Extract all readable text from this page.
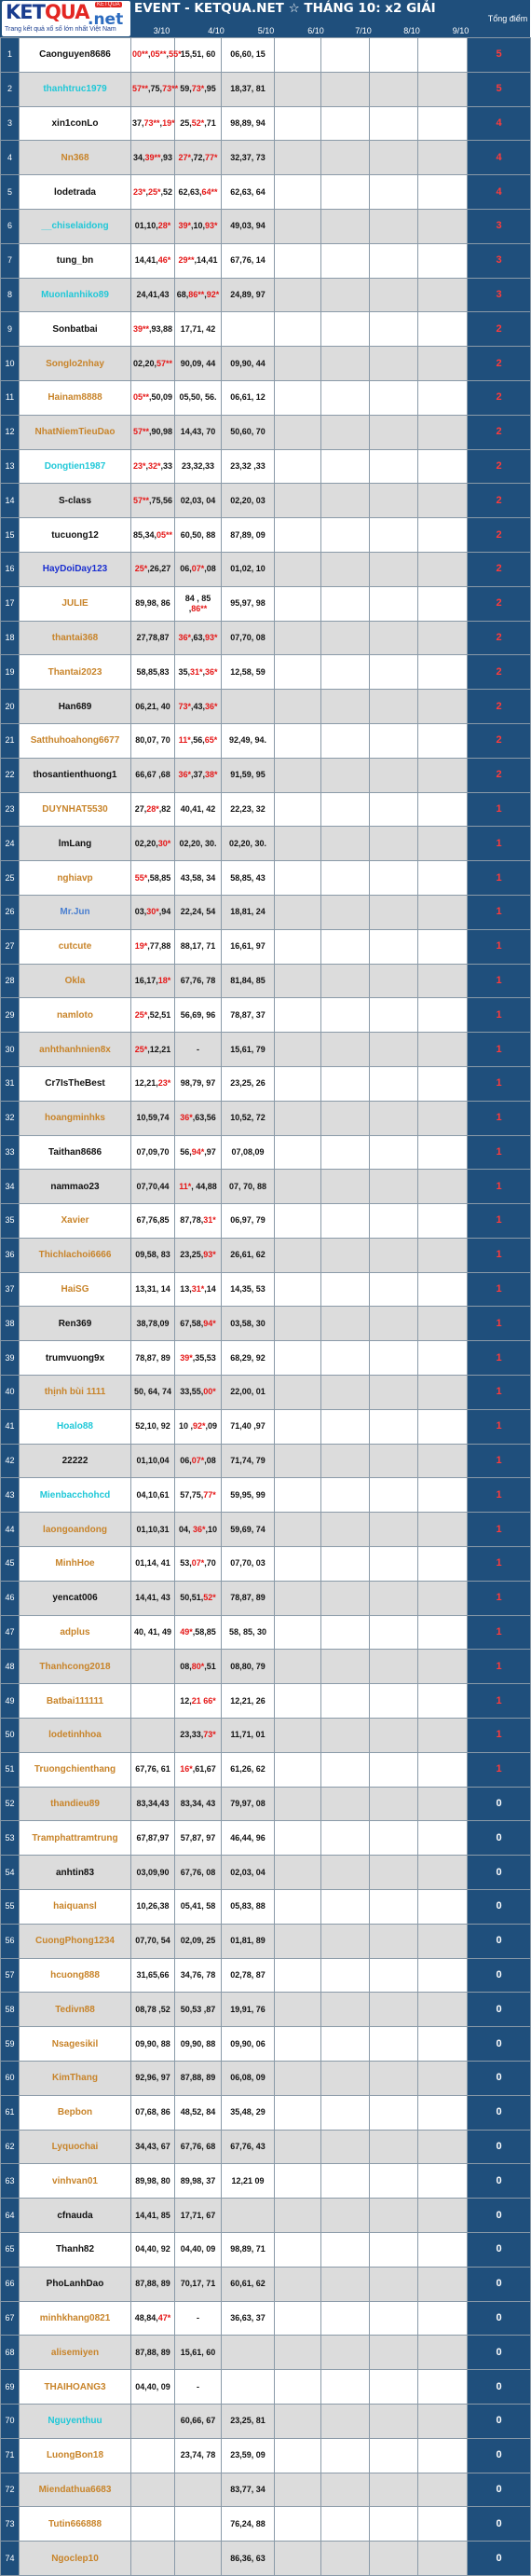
KETQUA
.net
KETQUA
Trang kết quả xổ số lớn nhất Việt Nam
EVENT - KETQUA.NET ☆ THÁNG 10: x2 GIẢI
3/10	4/10	5/10	6/10	7/10	8/10	9/10
Tổng điểm
1	Caonguyen8686	00**,05**,55*	15,51, 60	06,60, 15					5
2	thanhtruc1979	57**,75,73**	59,73*,95	18,37, 81					5
3	xin1conLo	37,73**,19*	25,52*,71	98,89, 94					4
4	Nn368	34,39**,93	27*,72,77*	32,37, 73					4
5	lodetrada	23*,25*,52	62,63,64**	62,63, 64					4
6	__chiselaidong	01,10,28*	39*,10,93*	49,03, 94					3
7	tung_bn	14,41,46*	29**,14,41	67,76, 14					3
8	Muonlanhiko89	24,41,43	68,86**,92*	24,89, 97					3
9	Sonbatbai	39**,93,88	17,71, 42						2
10	Songlo2nhay	02,20,57**	90,09, 44	09,90, 44					2
11	Hainam8888	05**,50,09	05,50, 56.	06,61, 12					2
12	NhatNiemTieuDao	57**,90,98	14,43, 70	50,60, 70					2
13	Dongtien1987	23*,32*,33	23,32,33	23,32 ,33					2
14	S-class	57**,75,56	02,03, 04	02,20, 03					2
15	tucuong12	85,34,05**	60,50, 88	87,89, 09					2
16	HayDoiDay123	25*,26,27	06,07*,08	01,02, 10					2
17	JULIE	89,98, 86	84 , 85 ,86**	95,97, 98					2
18	thantai368	27,78,87	36*,63,93*	07,70, 08					2
19	Thantai2023	58,85,83	35,31*,36*	12,58, 59					2
20	Han689	06,21, 40	73*,43,36*						2
21	Satthuhoahong6677	80,07, 70	11*,56,65*	92,49, 94.					2
22	thosantienthuong1	66,67 ,68	36*,37,38*	91,59, 95					2
23	DUYNHAT5530	27,28*,82	40,41, 42	22,23, 32					1
24	lmLang	02,20,30*	02,20, 30.	02,20, 30.					1
25	nghiavp	55*,58,85	43,58, 34	58,85, 43					1
26	Mr.Jun	03,30*,94	22,24, 54	18,81, 24					1
27	cutcute	19*,77,88	88,17, 71	16,61, 97					1
28	Okla	16,17,18*	67,76, 78	81,84, 85					1
29	namloto	25*,52,51	56,69, 96	78,87, 37					1
30	anhthanhnien8x	25*,12,21	-	15,61, 79					1
31	Cr7IsTheBest	12,21,23*	98,79, 97	23,25, 26					1
32	hoangminhks	10,59,74	36*,63,56	10,52, 72					1
33	Taithan8686	07,09,70	56,94*,97	07,08,09					1
34	nammao23	07,70,44	11*, 44,88	07, 70, 88					1
35	Xavier	67,76,85	87,78,31*	06,97, 79					1
36	Thichlachoi6666	09,58, 83	23,25,93*	26,61, 62					1
37	HaiSG	13,31, 14	13,31*,14	14,35, 53					1
38	Ren369	38,78,09	67,58,94*	03,58, 30					1
39	trumvuong9x	78,87, 89	39*,35,53	68,29, 92					1
40	thịnh bùi 1111	50, 64, 74	33,55,00*	22,00, 01					1
41	Hoalo88	52,10, 92	10 ,92*,09	71,40 ,97					1
42	22222	01,10,04	06,07*,08	71,74, 79					1
43	Mienbacchohcd	04,10,61	57,75,77*	59,95, 99					1
44	laongoandong	01,10,31	04, 36*,10	59,69, 74					1
45	MinhHoe	01,14, 41	53,07*,70	07,70, 03					1
46	yencat006	14,41, 43	50,51,52*	78,87, 89					1
47	adplus	40, 41, 49	49*,58,85	58, 85, 30					1
48	Thanhcong2018		08,80*,51	08,80, 79					1
49	Batbai111111		12,21 66*	12,21, 26					1
50	lodetinhhoa		23,33,73*	11,71, 01					1
51	Truongchienthang	67,76, 61	16*,61,67	61,26, 62					1
52	thandieu89	83,34,43	83,34, 43	79,97, 08					0
53	Tramphattramtrung	67,87,97	57,87, 97	46,44, 96					0
54	anhtin83	03,09,90	67,76, 08	02,03, 04					0
55	haiquansl	10,26,38	05,41, 58	05,83, 88					0
56	CuongPhong1234	07,70, 54	02,09, 25	01,81, 89					0
57	hcuong888	31,65,66	34,76, 78	02,78, 87					0
58	Tedivn88	08,78 ,52	50,53 ,87	19,91, 76					0
59	Nsagesikil	09,90, 88	09,90, 88	09,90, 06					0
60	KimThang	92,96, 97	87,88, 89	06,08, 09					0
61	Bepbon	07,68, 86	48,52, 84	35,48, 29					0
62	Lyquochai	34,43, 67	67,76, 68	67,76, 43					0
63	vinhvan01	89,98, 80	89,98, 37	12,21 09					0
64	cfnauda	14,41, 85	17,71, 67						0
65	Thanh82	04,40, 92	04,40, 09	98,89, 71					0
66	PhoLanhDao	87,88, 89	70,17, 71	60,61, 62					0
67	minhkhang0821	48,84,47*	-	36,63, 37					0
68	alisemiyen	87,88, 89	15,61, 60						0
69	THAIHOANG3	04,40, 09	-						0
70	Nguyenthuu		60,66, 67	23,25, 81					0
71	LuongBon18		23,74, 78	23,59, 09					0
72	Miendathua6683			83,77, 34					0
73	Tutin666888			76,24, 88					0
74	Ngoclep10			86,36, 63					0
